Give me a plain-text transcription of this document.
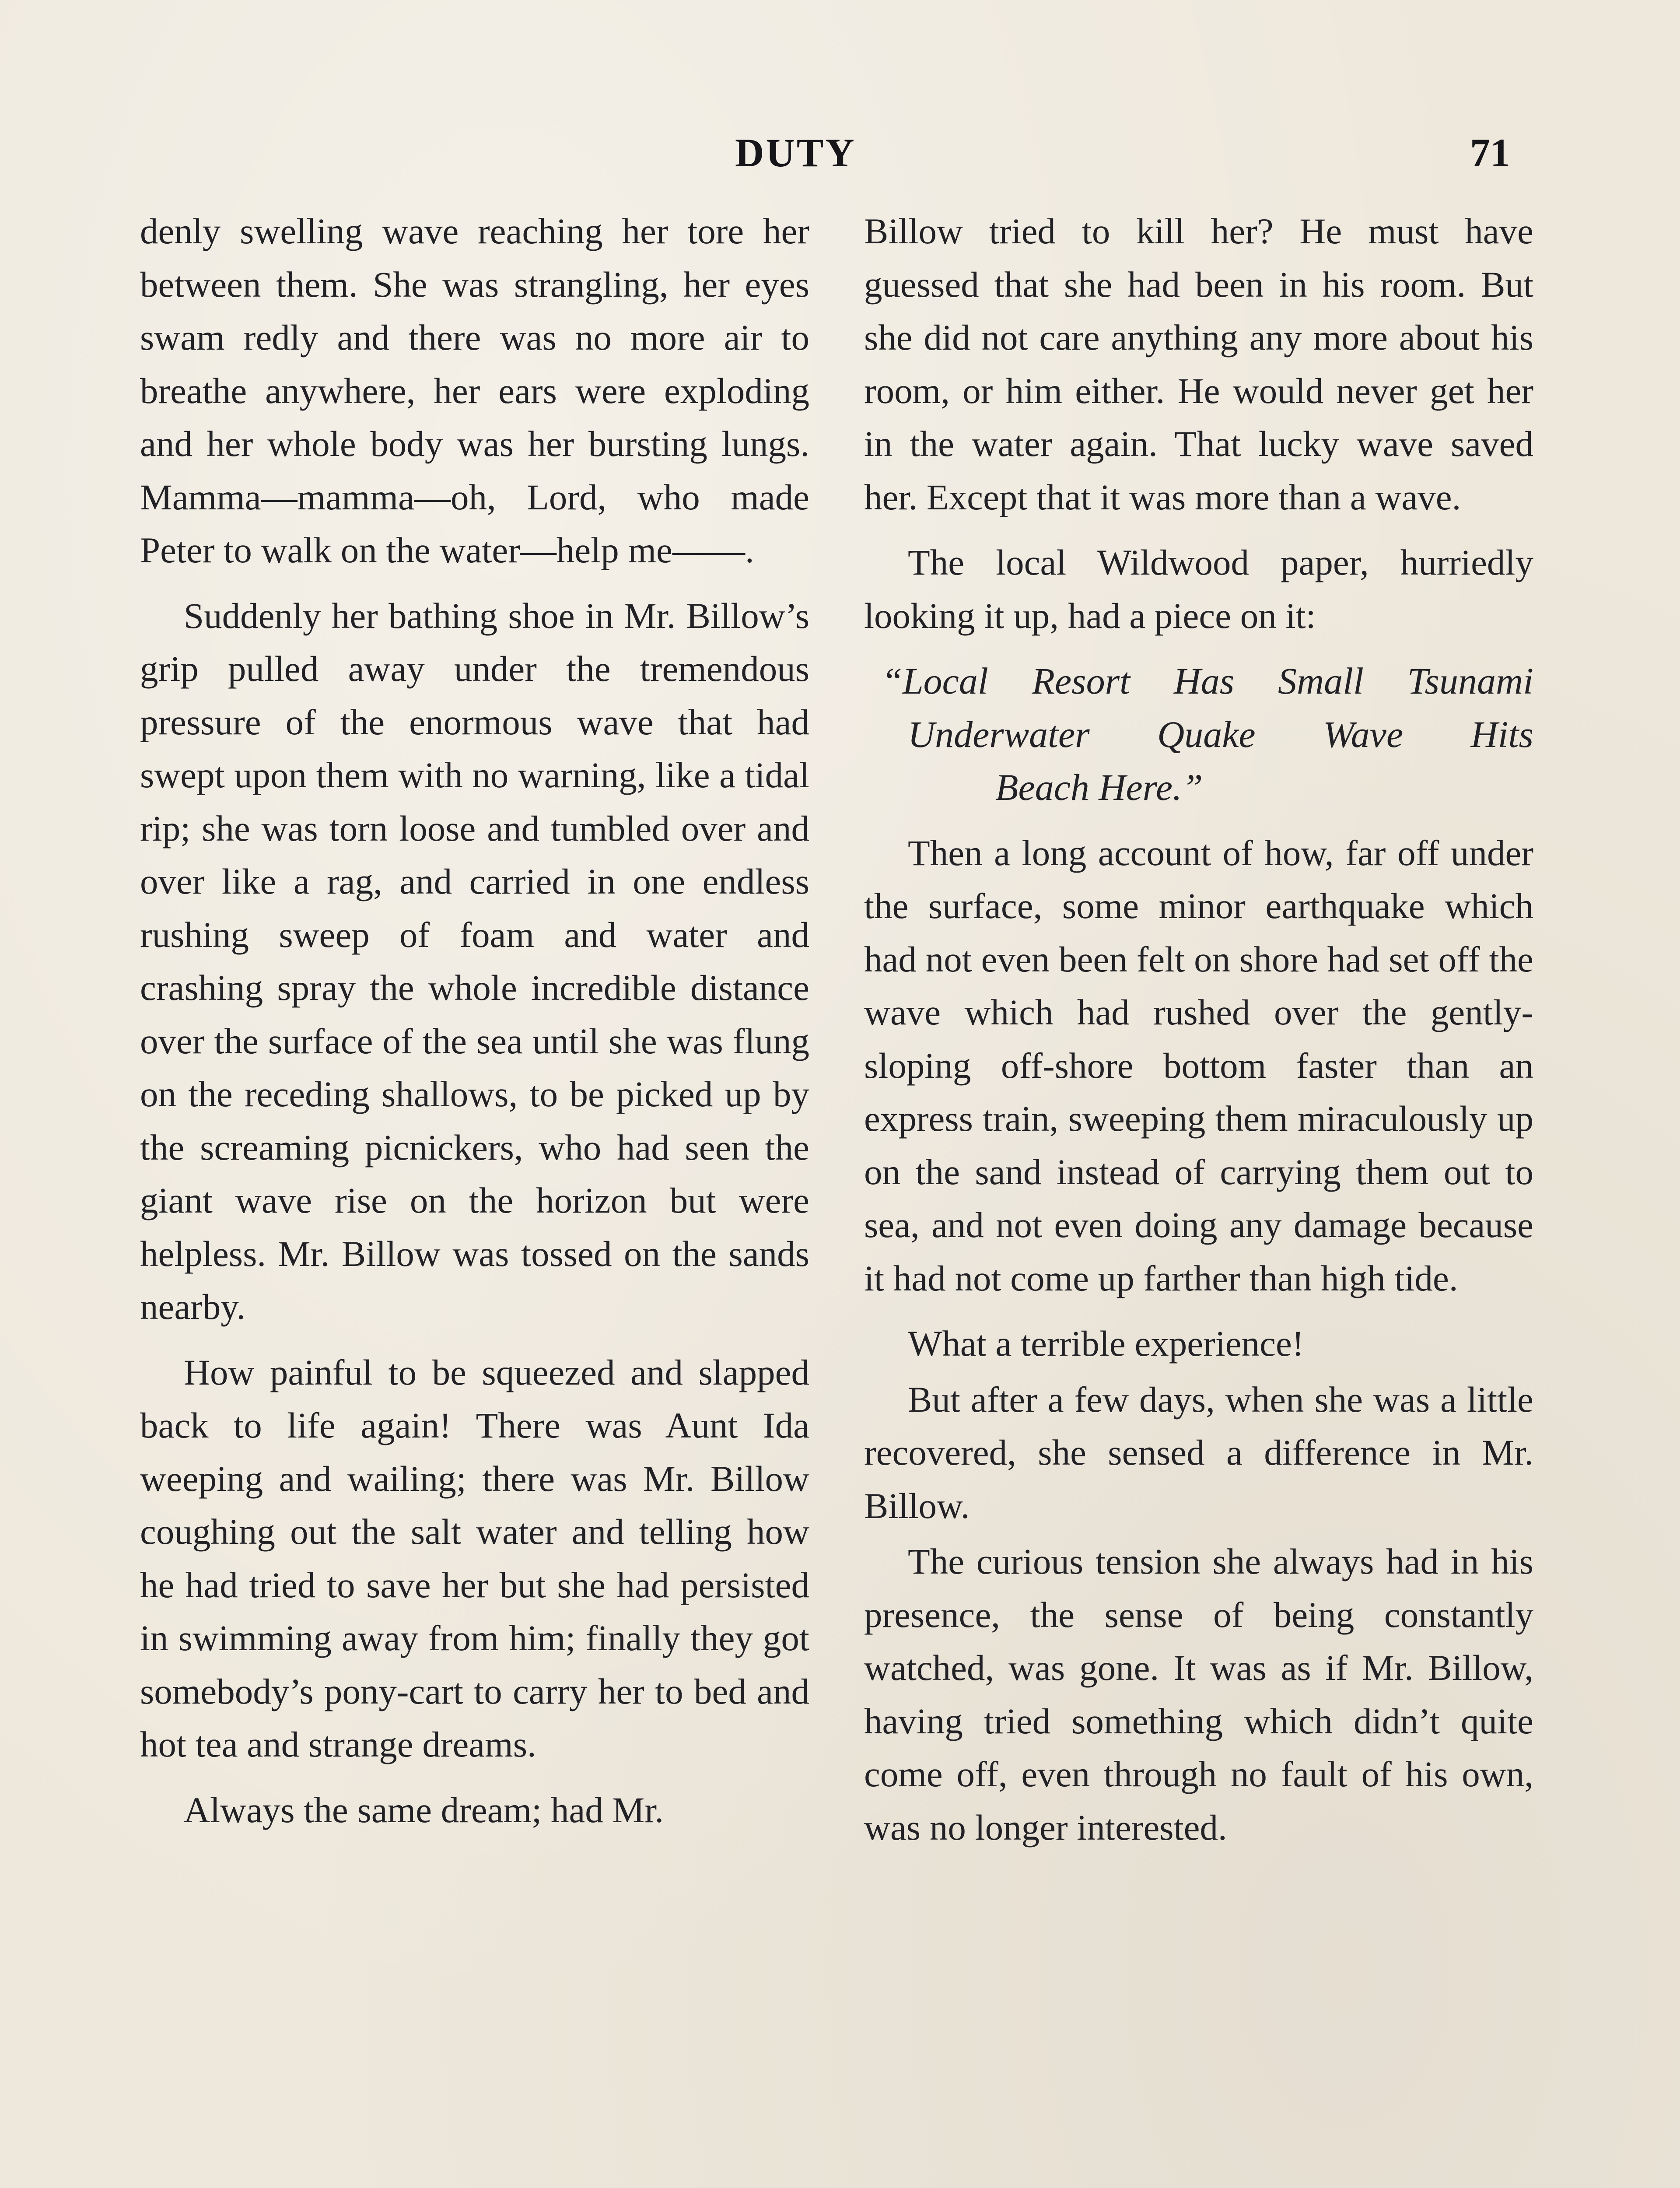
DUTY	71

denly swelling wave reaching her tore her between them. She was strangling, her eyes swam redly and there was no more air to breathe anywhere, her ears were exploding and her whole body was her bursting lungs. Mamma—mamma—oh, Lord, who made Peter to walk on the water—help me——.

Suddenly her bathing shoe in Mr. Billow’s grip pulled away under the tremendous pressure of the enormous wave that had swept upon them with no warning, like a tidal rip; she was torn loose and tumbled over and over like a rag, and carried in one endless rushing sweep of foam and water and crashing spray the whole incredible distance over the surface of the sea until she was flung on the receding shallows, to be picked up by the screaming picnickers, who had seen the giant wave rise on the horizon but were helpless. Mr. Billow was tossed on the sands nearby.

How painful to be squeezed and slapped back to life again! There was Aunt Ida weeping and wailing; there was Mr. Billow coughing out the salt water and telling how he had tried to save her but she had persisted in swimming away from him; finally they got somebody’s pony-cart to carry her to bed and hot tea and strange dreams.

Always the same dream; had Mr.

Billow tried to kill her? He must have guessed that she had been in his room. But she did not care anything any more about his room, or him either. He would never get her in the water again. That lucky wave saved her. Except that it was more than a wave.

The local Wildwood paper, hurriedly looking it up, had a piece on it:

“Local Resort Has Small Tsunami
Underwater Quake Wave Hits
Beach Here.”

Then a long account of how, far off under the surface, some minor earthquake which had not even been felt on shore had set off the wave which had rushed over the gently-sloping off-shore bottom faster than an express train, sweeping them miraculously up on the sand instead of carrying them out to sea, and not even doing any damage because it had not come up farther than high tide.

What a terrible experience!

But after a few days, when she was a little recovered, she sensed a difference in Mr. Billow.

The curious tension she always had in his presence, the sense of being constantly watched, was gone. It was as if Mr. Billow, having tried something which didn’t quite come off, even through no fault of his own, was no longer interested.
